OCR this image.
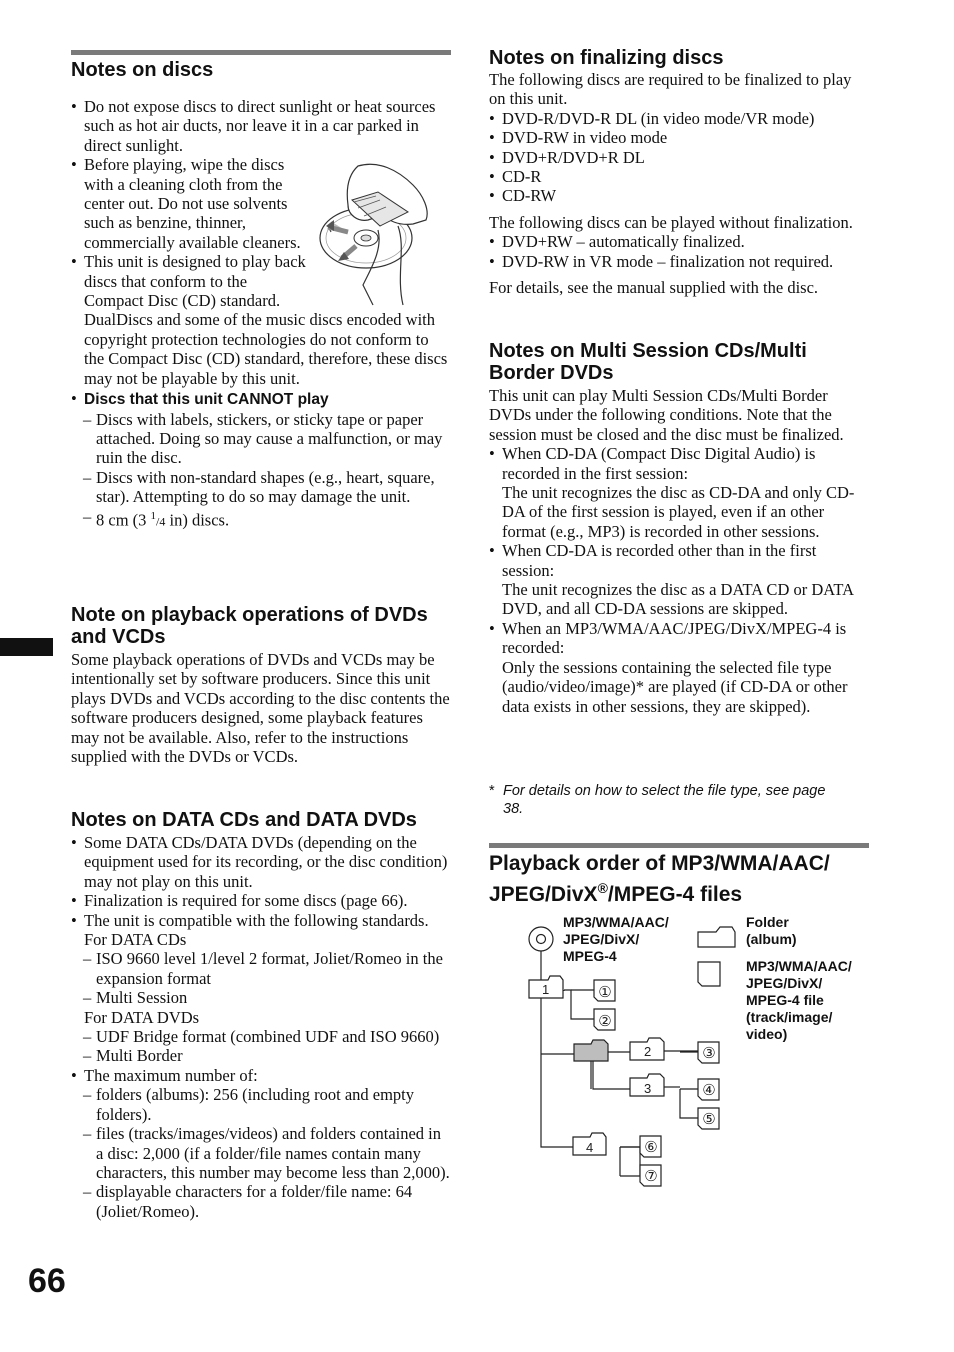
66
Notes on discs
• Do not expose discs to direct sunlight or heat sources such as hot air ducts, nor leave it in a car parked in direct sunlight.
• Before playing, wipe the discs with a cleaning cloth from the center out. Do not use solvents such as benzine, thinner, commercially available cleaners.
• This unit is designed to play back discs that conform to the Compact Disc (CD) standard.
DualDiscs and some of the music discs encoded with copyright protection technologies do not conform to the Compact Disc (CD) standard, therefore, these discs may not be playable by this unit.
• Discs that this unit CANNOT play
– Discs with labels, stickers, or sticky tape or paper attached. Doing so may cause a malfunction, or may ruin the disc.
– Discs with non-standard shapes (e.g., heart, square, star). Attempting to do so may damage the unit.
– 8 cm (3 $^1$/4 in) discs.
Note on playback operations of DVDs and VCDs
Some playback operations of DVDs and VCDs may be intentionally set by software producers. Since this unit plays DVDs and VCDs according to the disc contents the software producers designed, some playback features may not be available. Also, refer to the instructions supplied with the DVDs or VCDs.
Notes on DATA CDs and DATA DVDs
• Some DATA CDs/DATA DVDs (depending on the equipment used for its recording, or the disc condition) may not play on this unit.
• Finalization is required for some discs (page 66).
• The unit is compatible with the following standards.
For DATA CDs
– ISO 9660 level 1/level 2 format, Joliet/Romeo in the expansion format
– Multi Session
For DATA DVDs
– UDF Bridge format (combined UDF and ISO 9660)
– Multi Border
• The maximum number of:
– folders (albums): 256 (including root and empty folders).
– files (tracks/images/videos) and folders contained in a disc: 2,000 (if a folder/file names contain many characters, this number may become less than 2,000).
– displayable characters for a folder/file name: 64 (Joliet/Romeo).
Notes on finalizing discs
The following discs are required to be finalized to play on this unit.
• DVD-R/DVD-R DL (in video mode/VR mode)
• DVD-RW in video mode
• DVD+R/DVD+R DL
• CD-R
• CD-RW
The following discs can be played without finalization.
• DVD+RW – automatically finalized.
• DVD-RW in VR mode – finalization not required.
For details, see the manual supplied with the disc.
Notes on Multi Session CDs/Multi Border DVDs
This unit can play Multi Session CDs/Multi Border DVDs under the following conditions. Note that the session must be closed and the disc must be finalized.
• When CD-DA (Compact Disc Digital Audio) is recorded in the first session:
The unit recognizes the disc as CD-DA and only CD-DA of the first session is played, even if an other format (e.g., MP3) is recorded in other sessions.
• When CD-DA is recorded other than in the first session:
The unit recognizes the disc as a DATA CD or DATA DVD, and all CD-DA sessions are skipped.
• When an MP3/WMA/AAC/JPEG/DivX/MPEG-4 is recorded:
Only the sessions containing the selected file type (audio/video/image)* are played (if CD-DA or other data exists in other sessions, they are skipped).
* For details on how to select the file type, see page 38.
Playback order of MP3/WMA/AAC/
JPEG/DivX®/MPEG-4 files
MP3/WMA/AAC/ JPEG/DivX/ MPEG-4
Folder (album)
MP3/WMA/AAC/ JPEG/DivX/ MPEG-4 file (track/image/ video)
1
2
3
4
①
②
③
④
⑤
⑥
⑦
